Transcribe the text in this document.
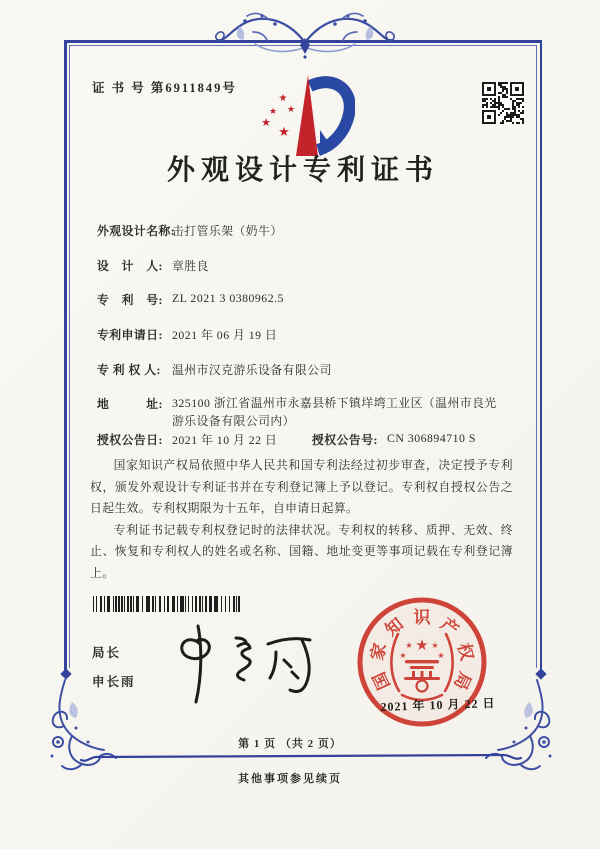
证 书 号 第6911849号
★
★
★
★
★
外观设计专利证书
外观设计名称:
击打管乐架（奶牛）
设　计　人: 章胜良
专　利　号: ZL 2021 3 0380962.5
专利申请日: 2021 年 06 月 19 日
专 利 权 人: 温州市汉克游乐设备有限公司
地　　　址: 325100 浙江省温州市永嘉县桥下镇垟塆工业区（温州市良光游乐设备有限公司内）
授权公告日: 2021 年 10 月 22 日	授权公告号: CN 306894710 S

国家知识产权局依照中华人民共和国专利法经过初步审查，决定授予专利权，颁发外观设计专利证书并在专利登记簿上予以登记。专利权自授权公告之日起生效。专利权期限为十五年，自申请日起算。

专利证书记载专利权登记时的法律状况。专利权的转移、质押、无效、终止、恢复和专利权人的姓名或名称、国籍、地址变更等事项记载在专利登记簿上。

局长
申长雨	国
家
知 识 产
权
局
★
★ ★
★	★
2021 年 10 月 22 日
第 1 页 （共 2 页）
其他事项参见续页
